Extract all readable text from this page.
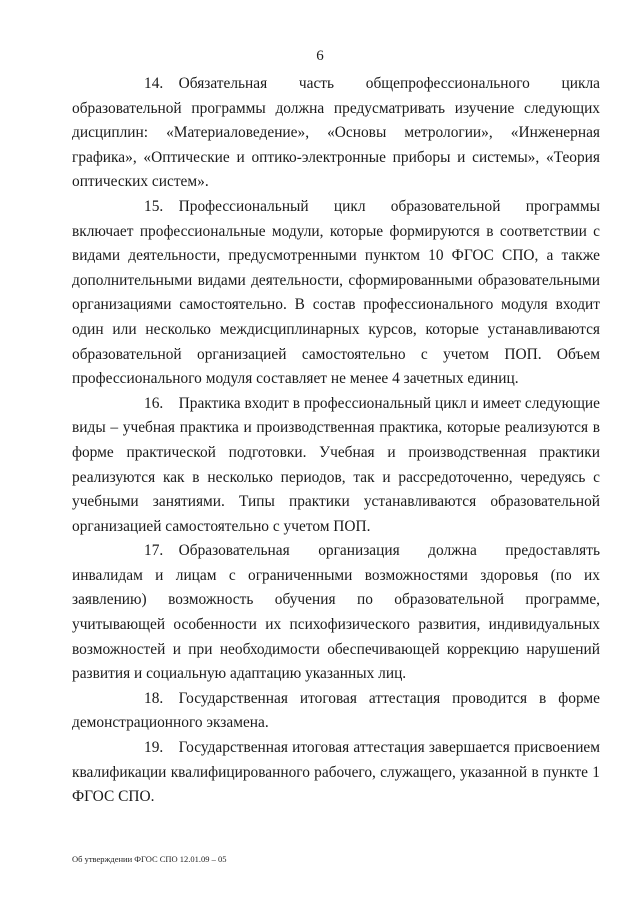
6

14. Обязательная часть общепрофессионального цикла образовательной программы должна предусматривать изучение следующих дисциплин: «Материаловедение», «Основы метрологии», «Инженерная графика», «Оптические и оптико-электронные приборы и системы», «Теория оптических систем».

15. Профессиональный цикл образовательной программы включает профессиональные модули, которые формируются в соответствии с видами деятельности, предусмотренными пунктом 10 ФГОС СПО, а также дополнительными видами деятельности, сформированными образовательными организациями самостоятельно. В состав профессионального модуля входит один или несколько междисциплинарных курсов, которые устанавливаются образовательной организацией самостоятельно с учетом ПОП. Объем профессионального модуля составляет не менее 4 зачетных единиц.

16. Практика входит в профессиональный цикл и имеет следующие виды – учебная практика и производственная практика, которые реализуются в форме практической подготовки. Учебная и производственная практики реализуются как в несколько периодов, так и рассредоточенно, чередуясь с учебными занятиями. Типы практики устанавливаются образовательной организацией самостоятельно с учетом ПОП.

17. Образовательная организация должна предоставлять инвалидам и лицам с ограниченными возможностями здоровья (по их заявлению) возможность обучения по образовательной программе, учитывающей особенности их психофизического развития, индивидуальных возможностей и при необходимости обеспечивающей коррекцию нарушений развития и социальную адаптацию указанных лиц.

18. Государственная итоговая аттестация проводится в форме демонстрационного экзамена.

19. Государственная итоговая аттестация завершается присвоением квалификации квалифицированного рабочего, служащего, указанной в пункте 1 ФГОС СПО.

Об утверждении ФГОС СПО 12.01.09 – 05
